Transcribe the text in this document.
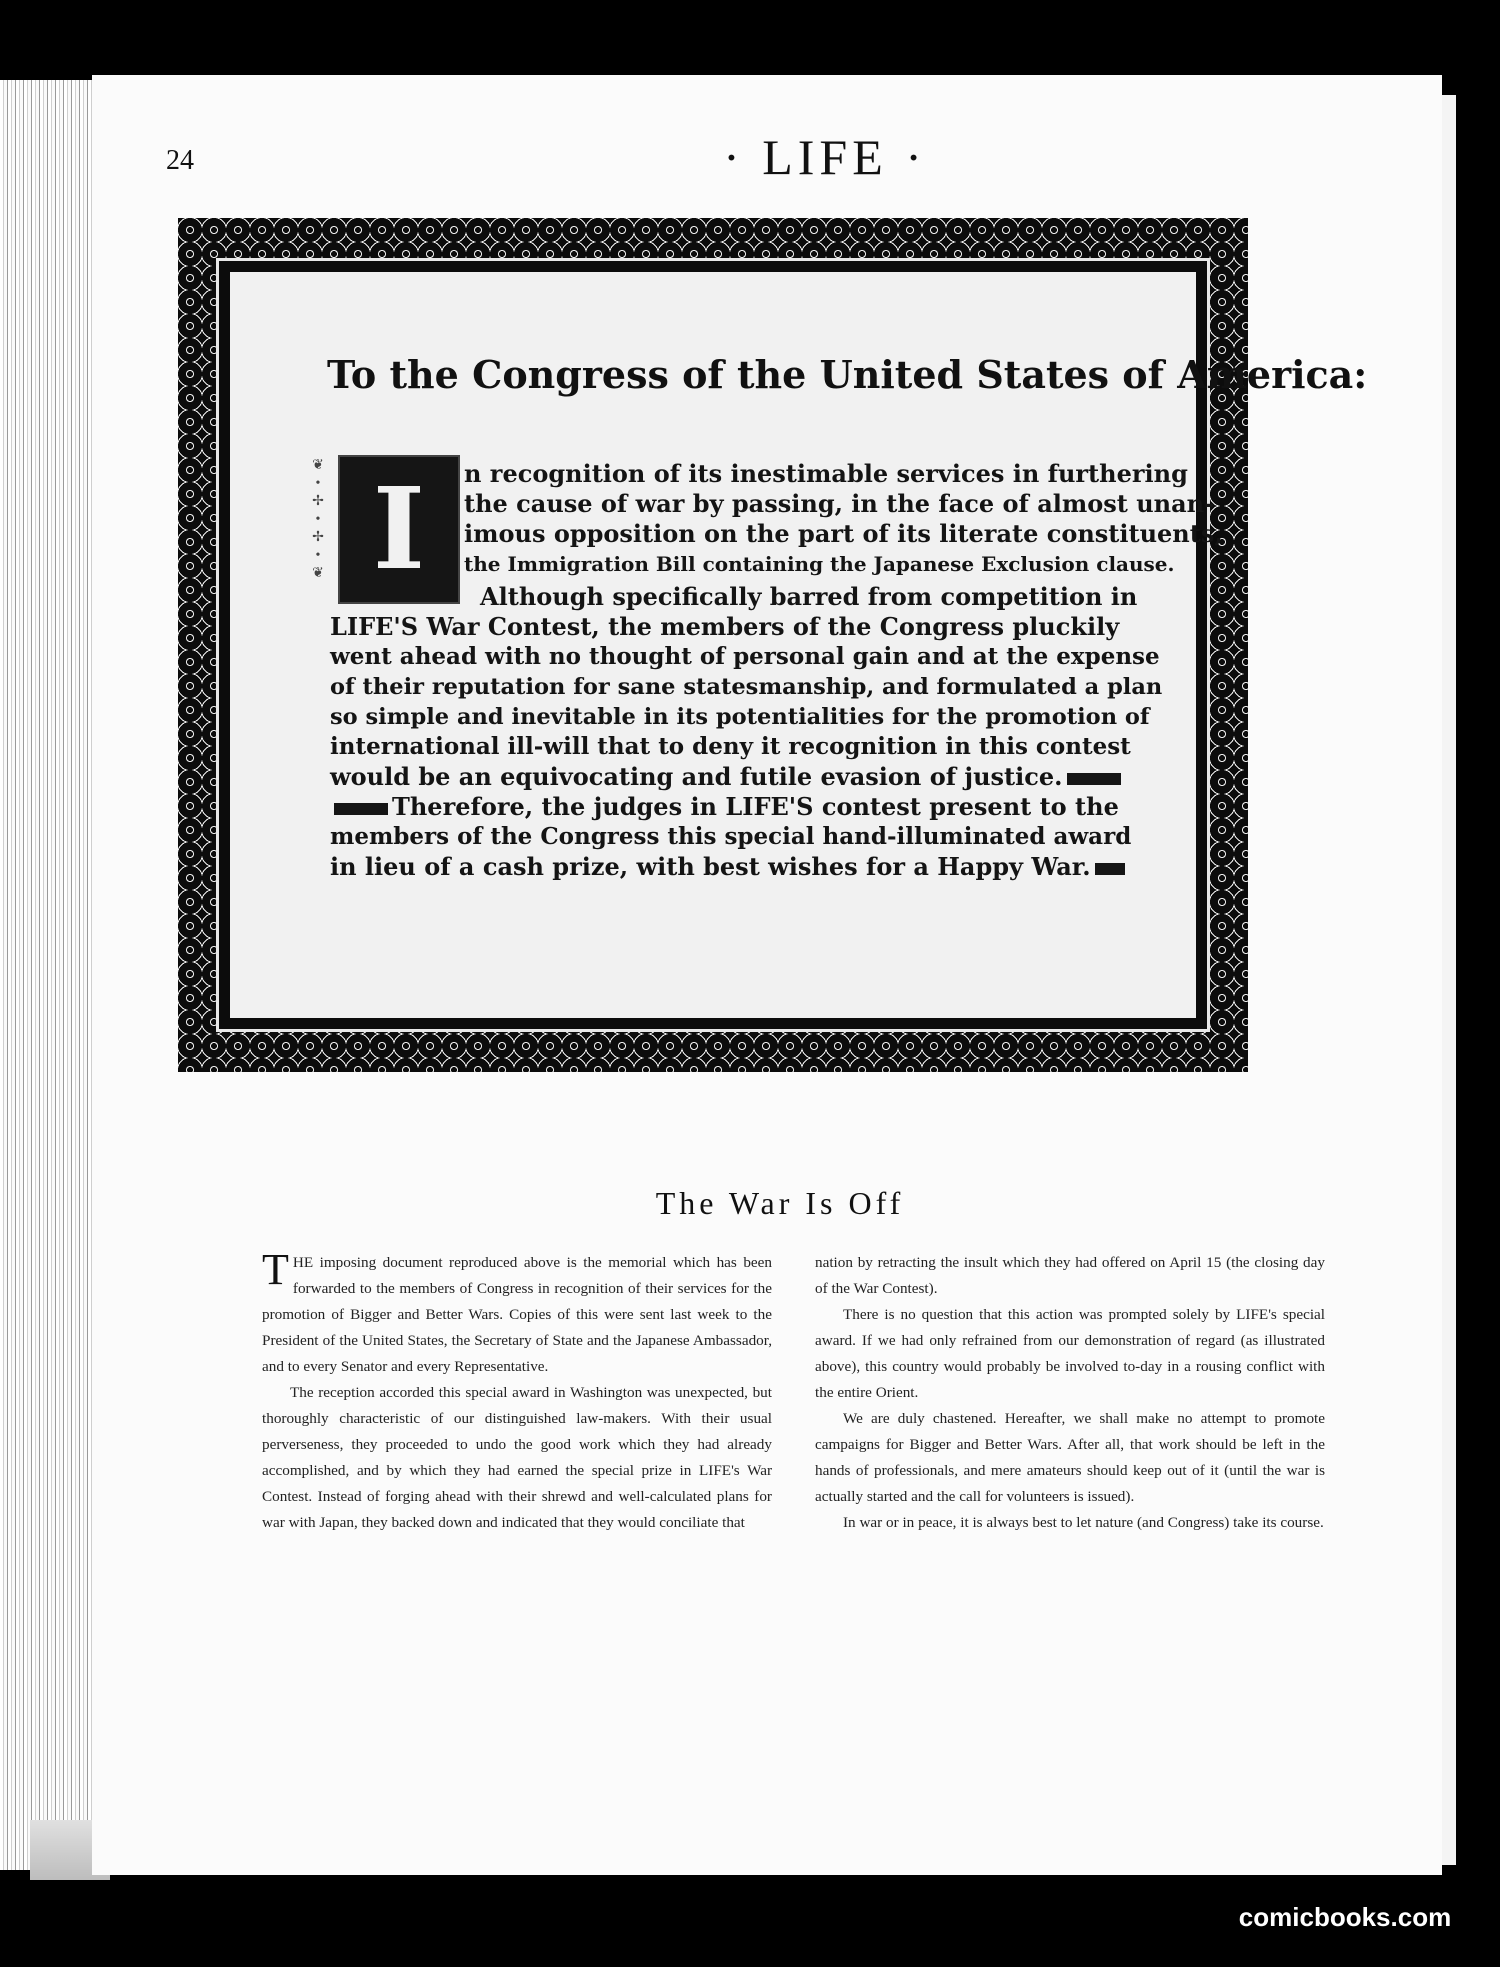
24	· LIFE ·
To the Congress of the United States of America:
❦
•
✢
•
✢
•
❦ I	n recognition of its inestimable services in furthering
the cause of war by passing, in the face of almost unan-
imous opposition on the part of its literate constituents,
the Immigration Bill containing the Japanese Exclusion clause.
Although specifically barred from competition in
LIFE'S War Contest, the members of the Congress pluckily
went ahead with no thought of personal gain and at the expense
of their reputation for sane statesmanship, and formulated a plan
so simple and inevitable in its potentialities for the promotion of
international ill-will that to deny it recognition in this contest
would be an equivocating and futile evasion of justice.
Therefore, the judges in LIFE'S contest present to the
members of the Congress this special hand-illuminated award
in lieu of a cash prize, with best wishes for a Happy War.
The War Is Off

THE imposing document reproduced above is the memorial which has been forwarded to the members of Congress in recognition of their services for the promotion of Bigger and Better Wars. Copies of this were sent last week to the President of the United States, the Secretary of State and the Japanese Ambassador, and to every Senator and every Representative.

The reception accorded this special award in Washington was unexpected, but thoroughly characteristic of our distinguished law-makers. With their usual perverseness, they proceeded to undo the good work which they had already accomplished, and by which they had earned the special prize in LIFE's War Contest. Instead of forging ahead with their shrewd and well-calculated plans for war with Japan, they backed down and indicated that they would conciliate that

nation by retracting the insult which they had offered on April 15 (the closing day of the War Contest).

There is no question that this action was prompted solely by LIFE's special award. If we had only refrained from our demonstration of regard (as illustrated above), this country would probably be involved to-day in a rousing conflict with the entire Orient.

We are duly chastened. Hereafter, we shall make no attempt to promote campaigns for Bigger and Better Wars. After all, that work should be left in the hands of professionals, and mere amateurs should keep out of it (until the war is actually started and the call for volunteers is issued).

In war or in peace, it is always best to let nature (and Congress) take its course.

comicbooks.com
